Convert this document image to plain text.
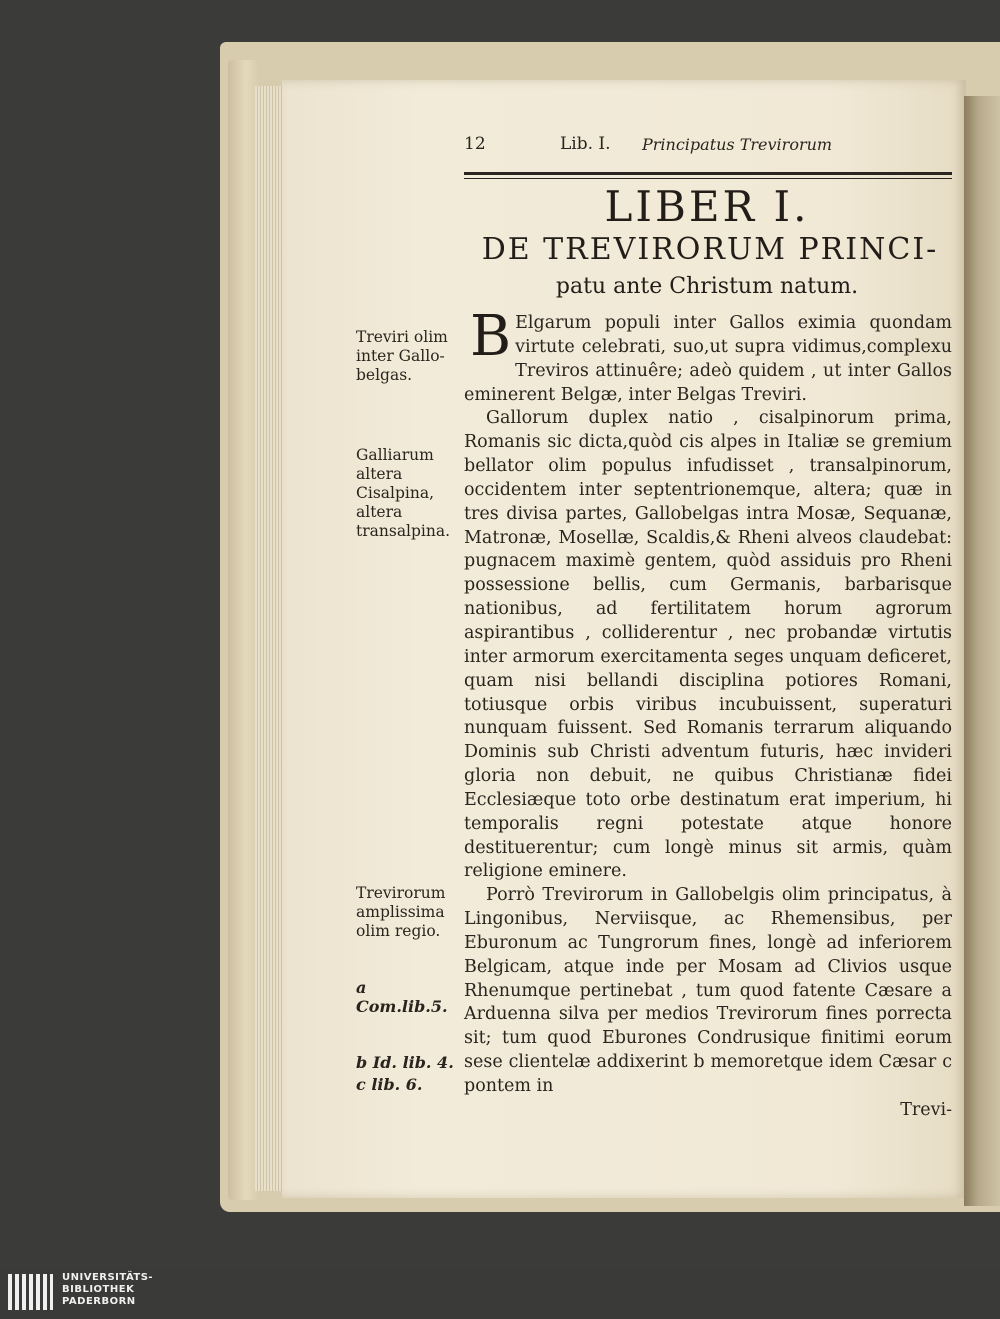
12	Lib. I. Principatus Trevirorum
LIBER I.
DE TREVIRORUM PRINCI-
patu ante Christum natum.

B Elgarum populi inter Gallos eximia quondam virtute celebrati, suo,ut supra vidimus,complexu Treviros attinuêre; adeò quidem , ut inter Gallos eminerent Belgæ, inter Belgas Treviri.

Gallorum duplex natio , cisalpinorum prima, Romanis sic dicta,quòd cis alpes in Italiæ se gremium bellator olim populus infudisset , transalpinorum, occidentem inter septentrionemque, altera; quæ in tres divisa partes, Gallobelgas intra Mosæ, Sequanæ, Matronæ, Mosellæ, Scaldis,& Rheni alveos claudebat: pugnacem maximè gentem, quòd assiduis pro Rheni possessione bellis, cum Germanis, barbarisque nationibus, ad fertilitatem horum agrorum aspirantibus , colliderentur , nec probandæ virtutis inter armorum exercitamenta seges unquam deficeret, quam nisi bellandi disciplina potiores Romani, totiusque orbis viribus incubuissent, superaturi nunquam fuissent. Sed Romanis terrarum aliquando Dominis sub Christi adventum futuris, hæc invideri gloria non debuit, ne quibus Christianæ fidei Ecclesiæque toto orbe destinatum erat imperium, hi temporalis regni potestate atque honore destituerentur; cum longè minus sit armis, quàm religione eminere.

Porrò Trevirorum in Gallobelgis olim principatus, à Lingonibus, Nerviisque, ac Rhemensibus, per Eburonum ac Tungrorum fines, longè ad inferiorem Belgicam, atque inde per Mosam ad Clivios usque Rhenumque pertinebat , tum quod fatente Cæsare a Arduenna silva per medios Trevirorum fines porrecta sit; tum quod Eburones Condrusique finitimi eorum sese clientelæ addixerint b memoretque idem Cæsar c pontem in

Trevi-

Treviri olim inter Gallo-belgas.
Galliarum altera Cisalpina, altera transalpina.
Trevirorum amplissima olim regio.
a Com.lib.5.
b Id. lib. 4.
c lib. 6.
UNIVERSITÄTS-
BIBLIOTHEK
PADERBORN
